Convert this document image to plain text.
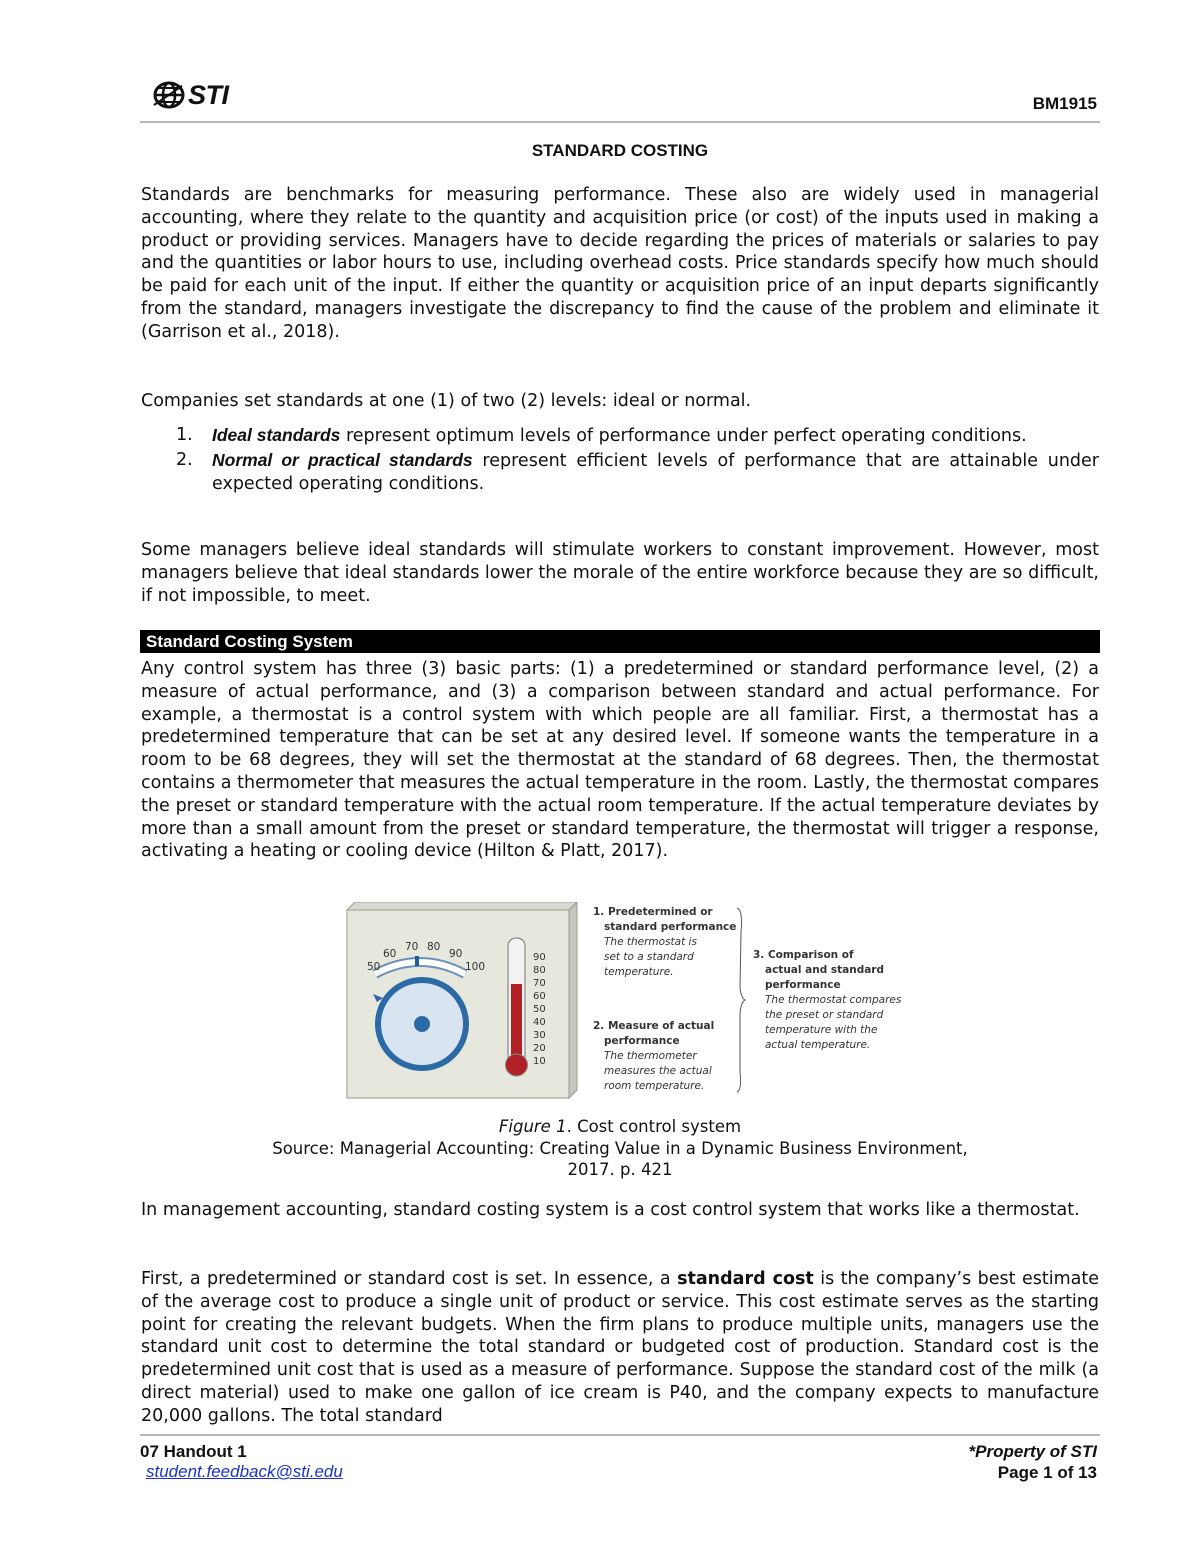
STI	BM1915
STANDARD COSTING

Standards are benchmarks for measuring performance. These also are widely used in managerial accounting, where they relate to the quantity and acquisition price (or cost) of the inputs used in making a product or providing services. Managers have to decide regarding the prices of materials or salaries to pay and the quantities or labor hours to use, including overhead costs. Price standards specify how much should be paid for each unit of the input. If either the quantity or acquisition price of an input departs significantly from the standard, managers investigate the discrepancy to find the cause of the problem and eliminate it (Garrison et al., 2018).

Companies set standards at one (1) of two (2) levels: ideal or normal.

1. Ideal standards represent optimum levels of performance under perfect operating conditions.
2. Normal or practical standards represent efficient levels of performance that are attainable under expected operating conditions.

Some managers believe ideal standards will stimulate workers to constant improvement. However, most managers believe that ideal standards lower the morale of the entire workforce because they are so difficult, if not impossible, to meet.

Standard Costing System

Any control system has three (3) basic parts: (1) a predetermined or standard performance level, (2) a measure of actual performance, and (3) a comparison between standard and actual performance. For example, a thermostat is a control system with which people are all familiar. First, a thermostat has a predetermined temperature that can be set at any desired level. If someone wants the temperature in a room to be 68 degrees, they will set the thermostat at the standard of 68 degrees. Then, the thermostat contains a thermometer that measures the actual temperature in the room. Lastly, the thermostat compares the preset or standard temperature with the actual room temperature. If the actual temperature deviates by more than a small amount from the preset or standard temperature, the thermostat will trigger a response, activating a heating or cooling device (Hilton & Platt, 2017).

50
60
70 80
90
100
90
80
70
60
50
40
30
20
10
1. Predetermined or
standard performance
The thermostat is
set to a standard
temperature.
2. Measure of actual
performance
The thermometer
measures the actual
room temperature.
3. Comparison of
actual and standard
performance
The thermostat compares
the preset or standard
temperature with the
actual temperature.
Figure 1. Cost control system
Source: Managerial Accounting: Creating Value in a Dynamic Business Environment,
2017. p. 421

In management accounting, standard costing system is a cost control system that works like a thermostat.

First, a predetermined or standard cost is set. In essence, a standard cost is the company’s best estimate of the average cost to produce a single unit of product or service. This cost estimate serves as the starting point for creating the relevant budgets. When the firm plans to produce multiple units, managers use the standard unit cost to determine the total standard or budgeted cost of production. Standard cost is the predetermined unit cost that is used as a measure of performance. Suppose the standard cost of the milk (a direct material) used to make one gallon of ice cream is P40, and the company expects to manufacture 20,000 gallons. The total standard

07 Handout 1
student.feedback@sti.edu
*Property of STI
Page 1 of 13
